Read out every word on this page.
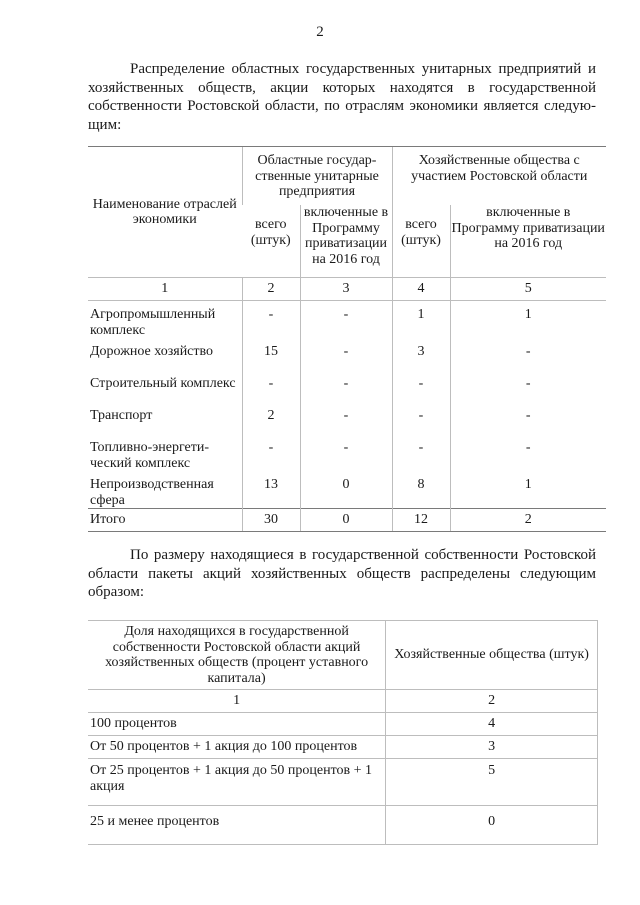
2

Распределение областных государственных унитарных предприятий и хозяйственных обществ, акции которых находятся в государственной собственности Ростовской области, по отраслям экономики является следую-щим:

Наименование отраслей экономики	Областные государ-ственные унитарные предприятия		Хозяйственные общества с участием Ростовской области	
	всего (штук)	включенные в Программу приватизации на 2016 год	всего (штук)	включенные в Программу приватизации на 2016 год
1	2	3	4	5
Агропромышленный комплекс	-	-	1	1
Дорожное хозяйство	15	-	3	-
Строительный комплекс	-	-	-	-
Транспорт	2	-	-	-
Топливно-энергети-ческий комплекс	-	-	-	-
Непроизводственная сфера	13	0	8	1
Итого	30	0	12	2

По размеру находящиеся в государственной собственности Ростовской области пакеты акций хозяйственных обществ распределены следующим образом:

Доля находящихся в государственной собственности Ростовской области акций хозяйственных обществ (процент уставного капитала)	Хозяйственные общества (штук)
1	2
100 процентов	4
От 50 процентов + 1 акция до 100 процентов	3
От 25 процентов + 1 акция до 50 процентов + 1 акция	5
25 и менее процентов	0
